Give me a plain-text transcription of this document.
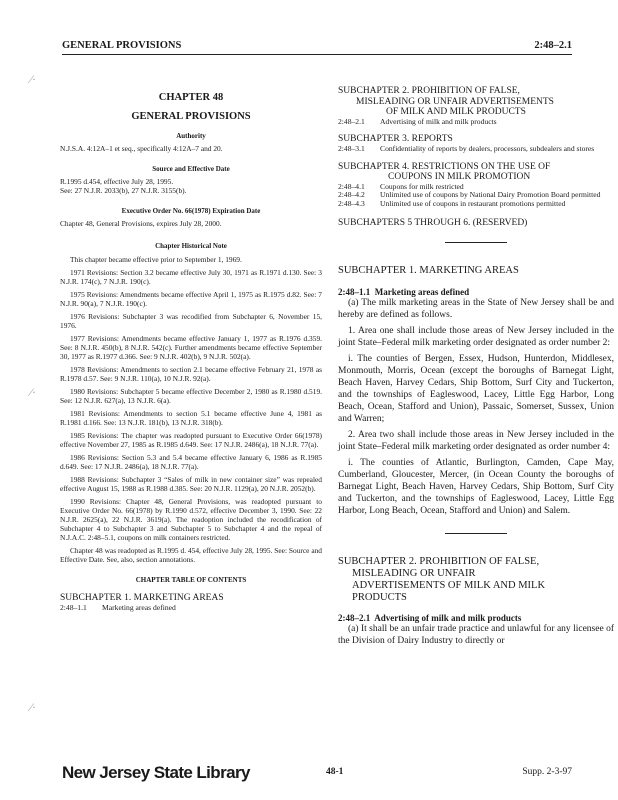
GENERAL PROVISIONS	2:48–2.1
⁄·
⁄·
⁄·

CHAPTER 48

GENERAL PROVISIONS

Authority

N.J.S.A. 4:12A–1 et seq., specifically 4:12A–7 and 20.

Source and Effective Date

R.1995 d.454, effective July 28, 1995.

See: 27 N.J.R. 2033(b), 27 N.J.R. 3155(b).

Executive Order No. 66(1978) Expiration Date

Chapter 48, General Provisions, expires July 28, 2000.

Chapter Historical Note

This chapter became effective prior to September 1, 1969.

1971 Revisions: Section 3.2 became effective July 30, 1971 as R.1971 d.130. See: 3 N.J.R. 174(c), 7 N.J.R. 190(c).

1975 Revisions: Amendments became effective April 1, 1975 as R.1975 d.82. See: 7 N.J.R. 90(a), 7 N.J.R. 190(c).

1976 Revisions: Subchapter 3 was recodified from Subchapter 6, November 15, 1976.

1977 Revisions: Amendments became effective January 1, 1977 as R.1976 d.359. See: 8 N.J.R. 450(b), 8 N.J.R. 542(c). Further amendments became effective September 30, 1977 as R.1977 d.366. See: 9 N.J.R. 402(b), 9 N.J.R. 502(a).

1978 Revisions: Amendments to section 2.1 became effective February 21, 1978 as R.1978 d.57. See: 9 N.J.R. 110(a), 10 N.J.R. 92(a).

1980 Revisions: Subchapter 5 became effective December 2, 1980 as R.1980 d.519. See: 12 N.J.R. 627(a), 13 N.J.R. 6(a).

1981 Revisions: Amendments to section 5.1 became effective June 4, 1981 as R.1981 d.166. See: 13 N.J.R. 181(b), 13 N.J.R. 318(b).

1985 Revisions: The chapter was readopted pursuant to Executive Order 66(1978) effective November 27, 1985 as R.1985 d.649. See: 17 N.J.R. 2486(a), 18 N.J.R. 77(a).

1986 Revisions: Section 5.3 and 5.4 became effective January 6, 1986 as R.1985 d.649. See: 17 N.J.R. 2486(a), 18 N.J.R. 77(a).

1988 Revisions: Subchapter 3 “Sales of milk in new container size” was repealed effective August 15, 1988 as R.1988 d.385. See: 20 N.J.R. 1129(a), 20 N.J.R. 2052(b).

1990 Revisions: Chapter 48, General Provisions, was readopted pursuant to Executive Order No. 66(1978) by R.1990 d.572, effective December 3, 1990. See: 22 N.J.R. 2625(a), 22 N.J.R. 3619(a). The readoption included the recodification of Subchapter 4 to Subchapter 3 and Subchapter 5 to Subchapter 4 and the repeal of N.J.A.C. 2:48–5.1, coupons on milk containers restricted.

Chapter 48 was readopted as R.1995 d. 454, effective July 28, 1995. See: Source and Effective Date. See, also, section annotations.

CHAPTER TABLE OF CONTENTS

SUBCHAPTER 1. MARKETING AREAS

2:48–1.1	Marketing areas defined
SUBCHAPTER 2. PROHIBITION OF FALSE,
MISLEADING OR UNFAIR ADVERTISEMENTS
OF MILK AND MILK PRODUCTS
2:48–2.1	Advertising of milk and milk products

SUBCHAPTER 3. REPORTS

2:48–3.1	Confidentiality of reports by dealers, processors, subdealers and stores
SUBCHAPTER 4. RESTRICTIONS ON THE USE OF
COUPONS IN MILK PROMOTION
2:48–4.1	Coupons for milk restricted
2:48–4.2	Unlimited use of coupons by National Dairy Promotion Board permitted
2:48–4.3	Unlimited use of coupons in restaurant promotions permitted

SUBCHAPTERS 5 THROUGH 6. (RESERVED)

SUBCHAPTER 1. MARKETING AREAS

2:48–1.1 Marketing areas defined

(a) The milk marketing areas in the State of New Jersey shall be and hereby are defined as follows.

1. Area one shall include those areas of New Jersey included in the joint State–Federal milk marketing order designated as order number 2:

i. The counties of Bergen, Essex, Hudson, Hunterdon, Middlesex, Monmouth, Morris, Ocean (except the boroughs of Barnegat Light, Beach Haven, Harvey Cedars, Ship Bottom, Surf City and Tuckerton, and the townships of Eagleswood, Lacey, Little Egg Harbor, Long Beach, Ocean, Stafford and Union), Passaic, Somerset, Sussex, Union and Warren;

2. Area two shall include those areas in New Jersey included in the joint State–Federal milk marketing order designated as order number 4:

i. The counties of Atlantic, Burlington, Camden, Cape May, Cumberland, Gloucester, Mercer, (in Ocean County the boroughs of Barnegat Light, Beach Haven, Harvey Cedars, Ship Bottom, Surf City and Tuckerton, and the townships of Eagleswood, Lacey, Little Egg Harbor, Long Beach, Ocean, Stafford and Union) and Salem.

SUBCHAPTER 2. PROHIBITION OF FALSE,
MISLEADING OR UNFAIR
ADVERTISEMENTS OF MILK AND MILK
PRODUCTS

2:48–2.1 Advertising of milk and milk products

(a) It shall be an unfair trade practice and unlawful for any licensee of the Division of Dairy Industry to directly or

New Jersey State Library	48-1	Supp. 2-3-97
